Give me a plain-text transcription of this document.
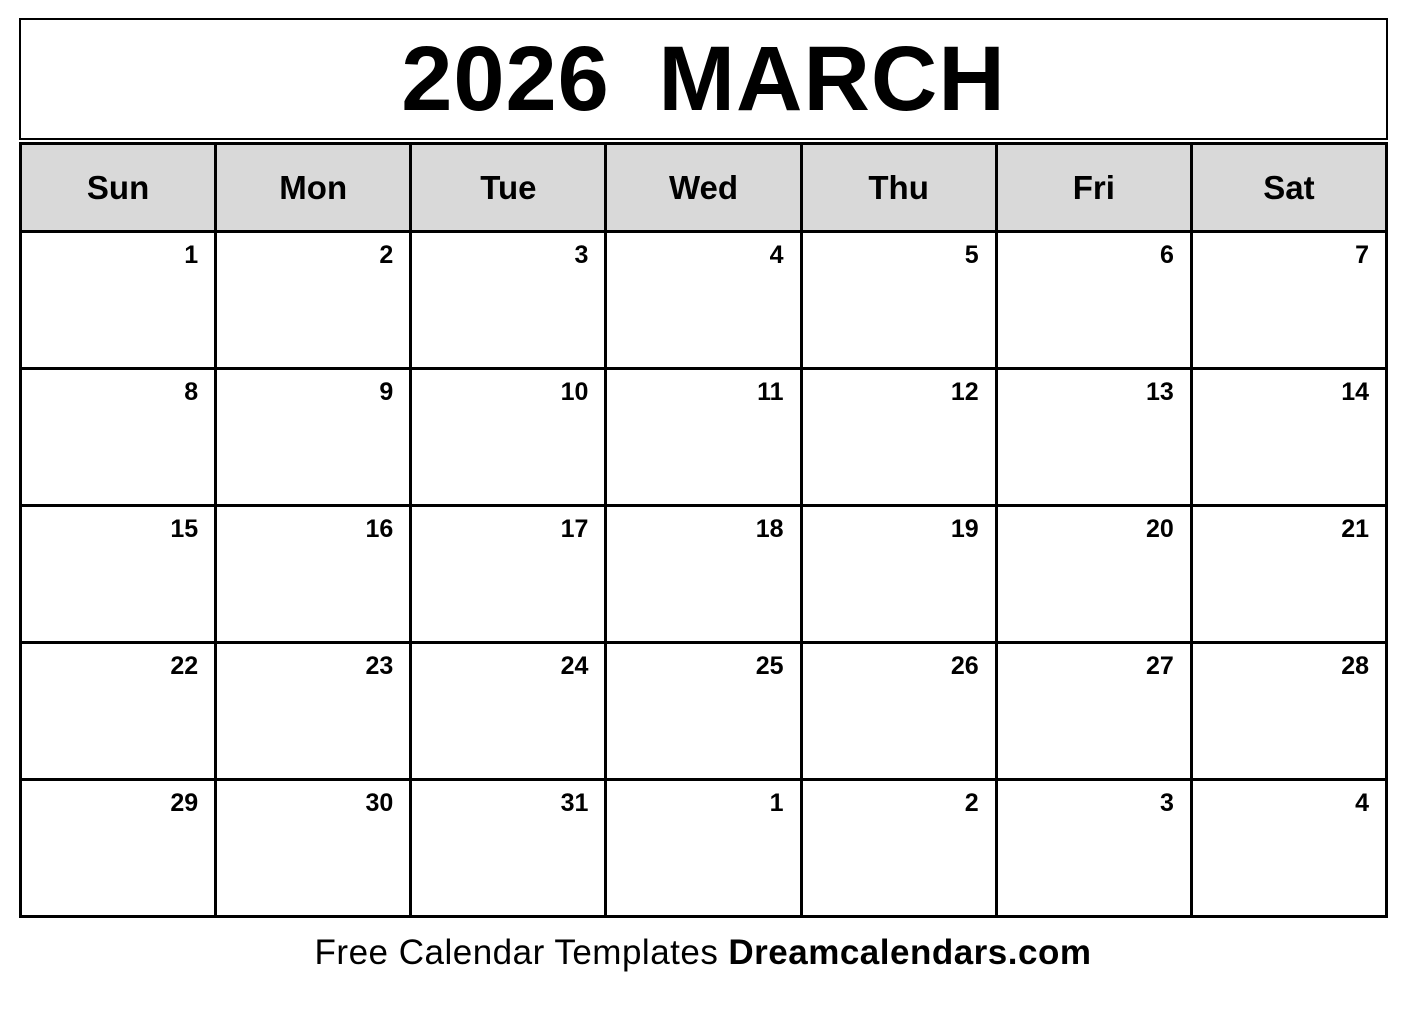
2026 MARCH
Sun	Mon	Tue	Wed	Thu	Fri	Sat

1	2	3	4	5	6	7

8	9	10	11	12	13	14

15	16	17	18	19	20	21

22	23	24	25	26	27	28

29	30	31	1	2	3	4
Free Calendar Templates Dreamcalendars.com
